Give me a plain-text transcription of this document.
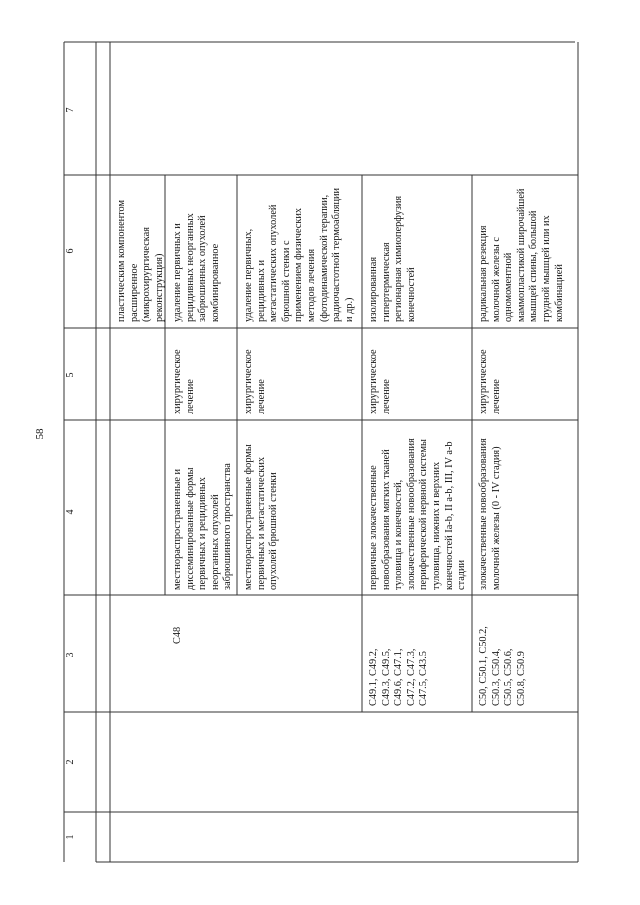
58
1
2
3
4
5
6
7
пластическим компонентом
расширенное
(микрохирургическая
реконструкция)
C48
местнораспространенные и
диссеминированные формы
первичных и рецидивных
неорганных опухолей
забрюшинного пространства
хирургическое
лечение
удаление первичных и
рецидивных неорганных
забрюшинных опухолей
комбинированное
местнораспространенные формы
первичных и метастатических
опухолей брюшной стенки
хирургическое
лечение
удаление первичных,
рецидивных и
метастатических опухолей
брюшной стенки с
применением физических
методов лечения
(фотодинамической терапии,
радиочастотной термоабляции
и др.)
C49.1, C49.2,
C49.3, C49.5,
C49.6, C47.1,
C47.2, C47.3,
C47.5, C43.5
первичные злокачественные
новообразования мягких тканей
туловища и конечностей,
злокачественные новообразования
периферической нервной системы
туловища, нижних и верхних
конечностей Ia-b, II a-b, III, IV a-b
стадии
хирургическое
лечение
изолированная
гипертермическая
регионарная химиоперфузия
конечностей
C50, C50.1, C50.2,
C50.3, C50.4,
C50.5, C50.6,
C50.8, C50.9
злокачественные новообразования
молочной железы (0 - IV стадия)
хирургическое
лечение
радикальная резекция
молочной железы с
одномоментной
маммопластикой широчайшей
мышцей спины, большой
грудной мышцей или их
комбинацией
